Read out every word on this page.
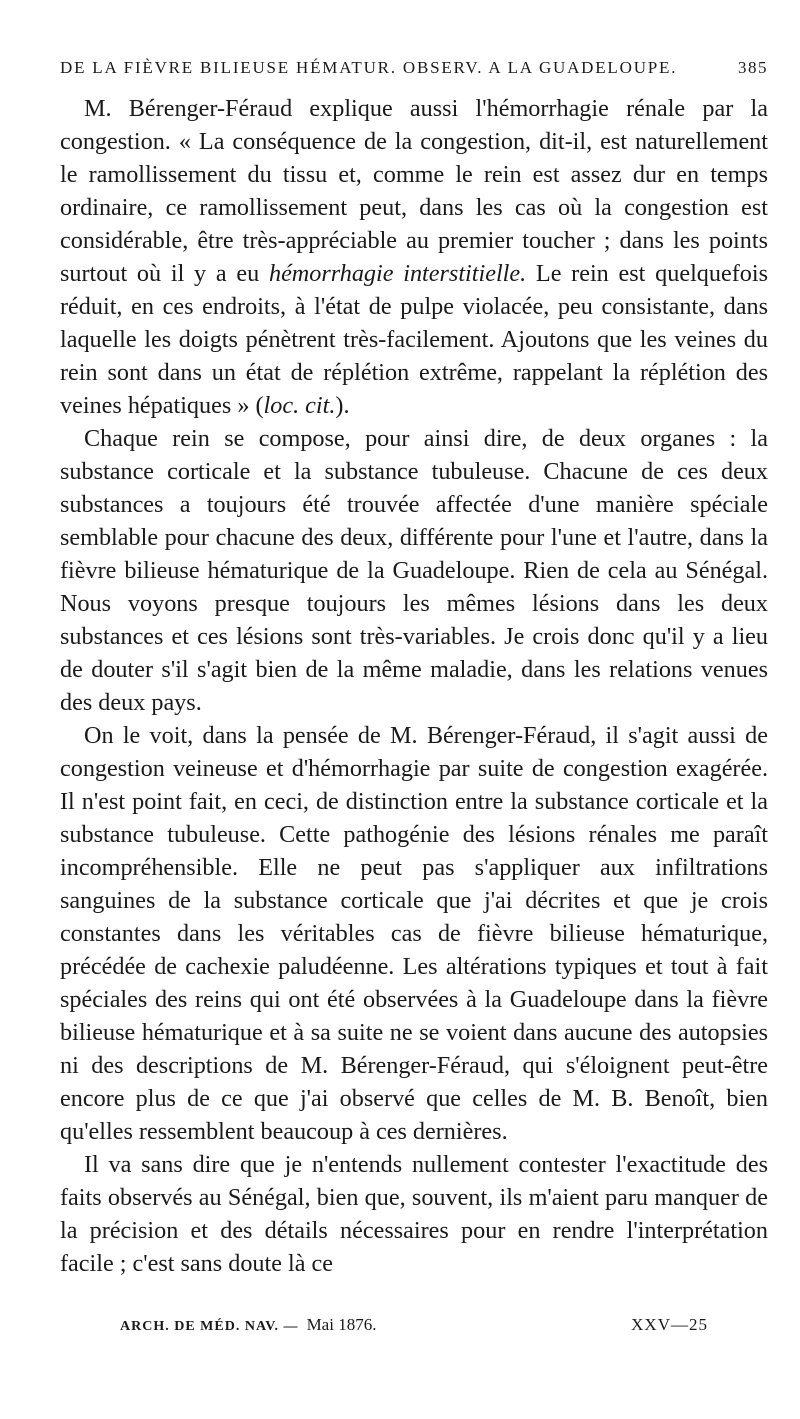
DE LA FIÈVRE BILIEUSE HÉMATUR. OBSERV. A LA GUADELOUPE.	385

M. Bérenger-Féraud explique aussi l'hémorrhagie rénale par la congestion. « La conséquence de la congestion, dit-il, est naturellement le ramollissement du tissu et, comme le rein est assez dur en temps ordinaire, ce ramollissement peut, dans les cas où la congestion est considérable, être très-appréciable au premier toucher ; dans les points surtout où il y a eu hémorrhagie interstitielle. Le rein est quelquefois réduit, en ces endroits, à l'état de pulpe violacée, peu consistante, dans laquelle les doigts pénètrent très-facilement. Ajoutons que les veines du rein sont dans un état de réplétion extrême, rappelant la réplétion des veines hépatiques » (loc. cit.).

Chaque rein se compose, pour ainsi dire, de deux organes : la substance corticale et la substance tubuleuse. Chacune de ces deux substances a toujours été trouvée affectée d'une manière spéciale semblable pour chacune des deux, différente pour l'une et l'autre, dans la fièvre bilieuse hématurique de la Guadeloupe. Rien de cela au Sénégal. Nous voyons presque toujours les mêmes lésions dans les deux substances et ces lésions sont très-variables. Je crois donc qu'il y a lieu de douter s'il s'agit bien de la même maladie, dans les relations venues des deux pays.

On le voit, dans la pensée de M. Bérenger-Féraud, il s'agit aussi de congestion veineuse et d'hémorrhagie par suite de congestion exagérée. Il n'est point fait, en ceci, de distinction entre la substance corticale et la substance tubuleuse. Cette pathogénie des lésions rénales me paraît incompréhensible. Elle ne peut pas s'appliquer aux infiltrations sanguines de la substance corticale que j'ai décrites et que je crois constantes dans les véritables cas de fièvre bilieuse hématurique, précédée de cachexie paludéenne. Les altérations typiques et tout à fait spéciales des reins qui ont été observées à la Guadeloupe dans la fièvre bilieuse hématurique et à sa suite ne se voient dans aucune des autopsies ni des descriptions de M. Bérenger-Féraud, qui s'éloignent peut-être encore plus de ce que j'ai observé que celles de M. B. Benoît, bien qu'elles ressemblent beaucoup à ces dernières.

Il va sans dire que je n'entends nullement contester l'exactitude des faits observés au Sénégal, bien que, souvent, ils m'aient paru manquer de la précision et des détails nécessaires pour en rendre l'interprétation facile ; c'est sans doute là ce

ARCH. DE MÉD. NAV. — Mai 1876.	XXV—25
